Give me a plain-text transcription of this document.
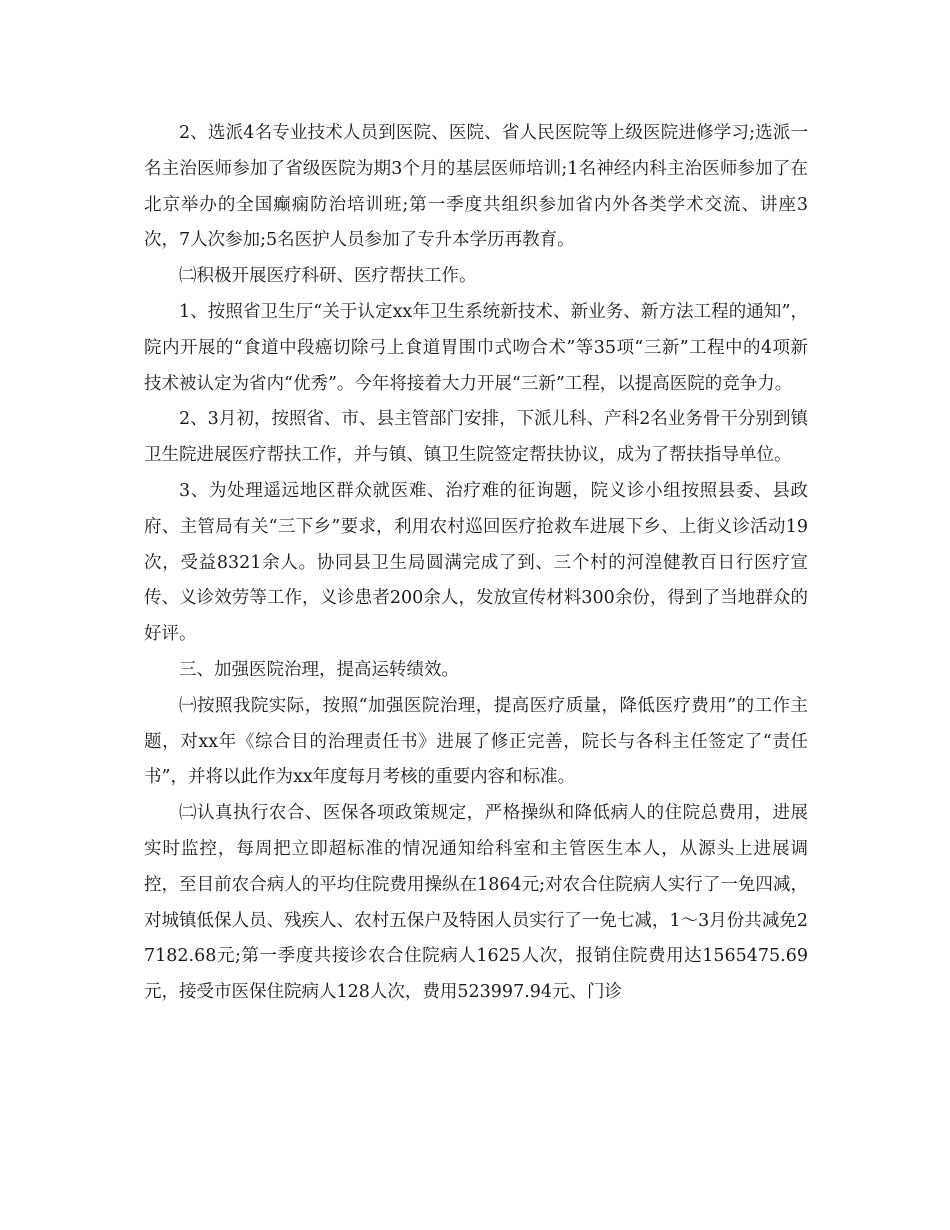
2、选派4名专业技术人员到医院、医院、省人民医院等上级医院进修学习;选派一名主治医师参加了省级医院为期3个月的基层医师培训;1名神经内科主治医师参加了在北京举办的全国癫痫防治培训班;第一季度共组织参加省内外各类学术交流、讲座3次，7人次参加;5名医护人员参加了专升本学历再教育。

㈡积极开展医疗科研、医疗帮扶工作。

1、按照省卫生厅“关于认定xx年卫生系统新技术、新业务、新方法工程的通知”，院内开展的“食道中段癌切除弓上食道胃围巾式吻合术”等35项“三新”工程中的4项新技术被认定为省内“优秀”。今年将接着大力开展“三新”工程，以提高医院的竞争力。

2、3月初，按照省、市、县主管部门安排，下派儿科、产科2名业务骨干分别到镇卫生院进展医疗帮扶工作，并与镇、镇卫生院签定帮扶协议，成为了帮扶指导单位。

3、为处理遥远地区群众就医难、治疗难的征询题，院义诊小组按照县委、县政府、主管局有关“三下乡”要求，利用农村巡回医疗抢救车进展下乡、上街义诊活动19次，受益8321余人。协同县卫生局圆满完成了到、三个村的河湟健教百日行医疗宣传、义诊效劳等工作，义诊患者200余人，发放宣传材料300余份，得到了当地群众的好评。

三、加强医院治理，提高运转绩效。

㈠按照我院实际，按照“加强医院治理，提高医疗质量，降低医疗费用”的工作主题，对xx年《综合目的治理责任书》进展了修正完善，院长与各科主任签定了“责任书”，并将以此作为xx年度每月考核的重要内容和标准。

㈡认真执行农合、医保各项政策规定，严格操纵和降低病人的住院总费用，进展实时监控，每周把立即超标准的情况通知给科室和主管医生本人，从源头上进展调控，至目前农合病人的平均住院费用操纵在1864元;对农合住院病人实行了一免四减，对城镇低保人员、残疾人、农村五保户及特困人员实行了一免七减，1～3月份共减免27182.68元;第一季度共接诊农合住院病人1625人次，报销住院费用达1565475.69元，接受市医保住院病人128人次，费用523997.94元、门诊
